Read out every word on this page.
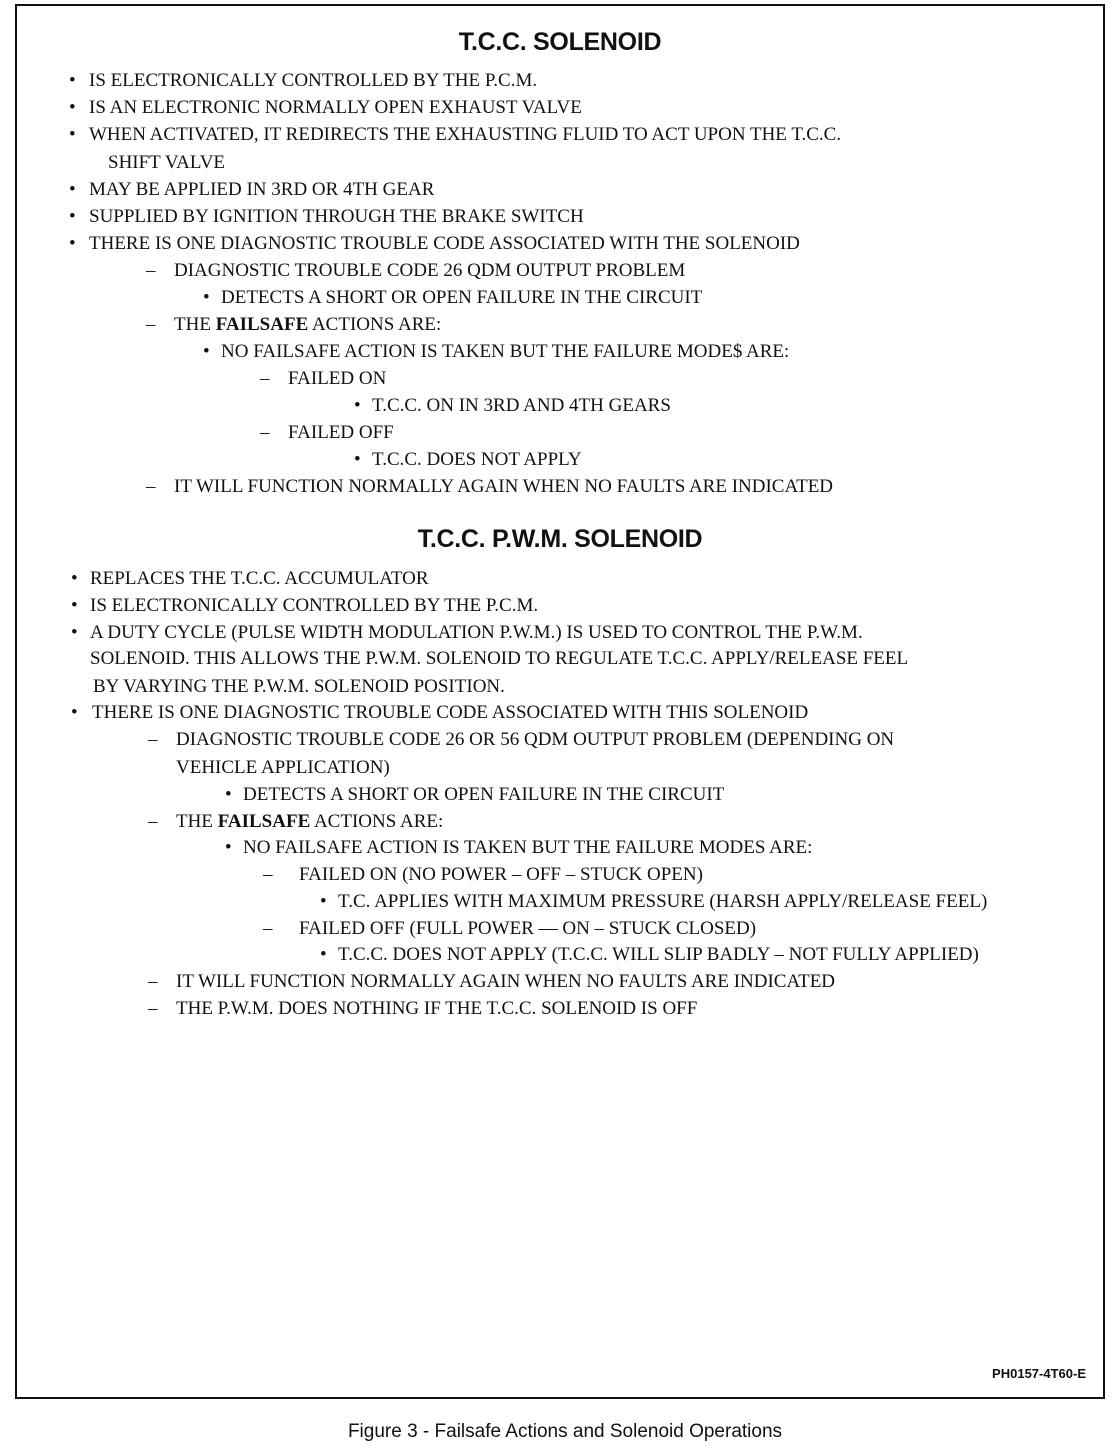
T.C.C. SOLENOID
• IS ELECTRONICALLY CONTROLLED BY THE P.C.M.
• IS AN ELECTRONIC NORMALLY OPEN EXHAUST VALVE
• WHEN ACTIVATED, IT REDIRECTS THE EXHAUSTING FLUID TO ACT UPON THE T.C.C.
SHIFT VALVE
• MAY BE APPLIED IN 3RD OR 4TH GEAR
• SUPPLIED BY IGNITION THROUGH THE BRAKE SWITCH
• THERE IS ONE DIAGNOSTIC TROUBLE CODE ASSOCIATED WITH THE SOLENOID
– DIAGNOSTIC TROUBLE CODE 26 QDM OUTPUT PROBLEM
• DETECTS A SHORT OR OPEN FAILURE IN THE CIRCUIT
– THE FAILSAFE ACTIONS ARE:
• NO FAILSAFE ACTION IS TAKEN BUT THE FAILURE MODE$ ARE:
– FAILED ON
• T.C.C. ON IN 3RD AND 4TH GEARS
– FAILED OFF
• T.C.C. DOES NOT APPLY
– IT WILL FUNCTION NORMALLY AGAIN WHEN NO FAULTS ARE INDICATED
T.C.C. P.W.M. SOLENOID
• REPLACES THE T.C.C. ACCUMULATOR
• IS ELECTRONICALLY CONTROLLED BY THE P.C.M.
• A DUTY CYCLE (PULSE WIDTH MODULATION P.W.M.) IS USED TO CONTROL THE P.W.M.
SOLENOID. THIS ALLOWS THE P.W.M. SOLENOID TO REGULATE T.C.C. APPLY/RELEASE FEEL
BY VARYING THE P.W.M. SOLENOID POSITION.
• THERE IS ONE DIAGNOSTIC TROUBLE CODE ASSOCIATED WITH THIS SOLENOID
– DIAGNOSTIC TROUBLE CODE 26 OR 56 QDM OUTPUT PROBLEM (DEPENDING ON
VEHICLE APPLICATION)
• DETECTS A SHORT OR OPEN FAILURE IN THE CIRCUIT
– THE FAILSAFE ACTIONS ARE:
• NO FAILSAFE ACTION IS TAKEN BUT THE FAILURE MODES ARE:
– FAILED ON (NO POWER – OFF – STUCK OPEN)
• T.C. APPLIES WITH MAXIMUM PRESSURE (HARSH APPLY/RELEASE FEEL)
– FAILED OFF (FULL POWER — ON – STUCK CLOSED)
• T.C.C. DOES NOT APPLY (T.C.C. WILL SLIP BADLY – NOT FULLY APPLIED)
– IT WILL FUNCTION NORMALLY AGAIN WHEN NO FAULTS ARE INDICATED
– THE P.W.M. DOES NOTHING IF THE T.C.C. SOLENOID IS OFF
PH0157-4T60-E
Figure 3 - Failsafe Actions and Solenoid Operations
